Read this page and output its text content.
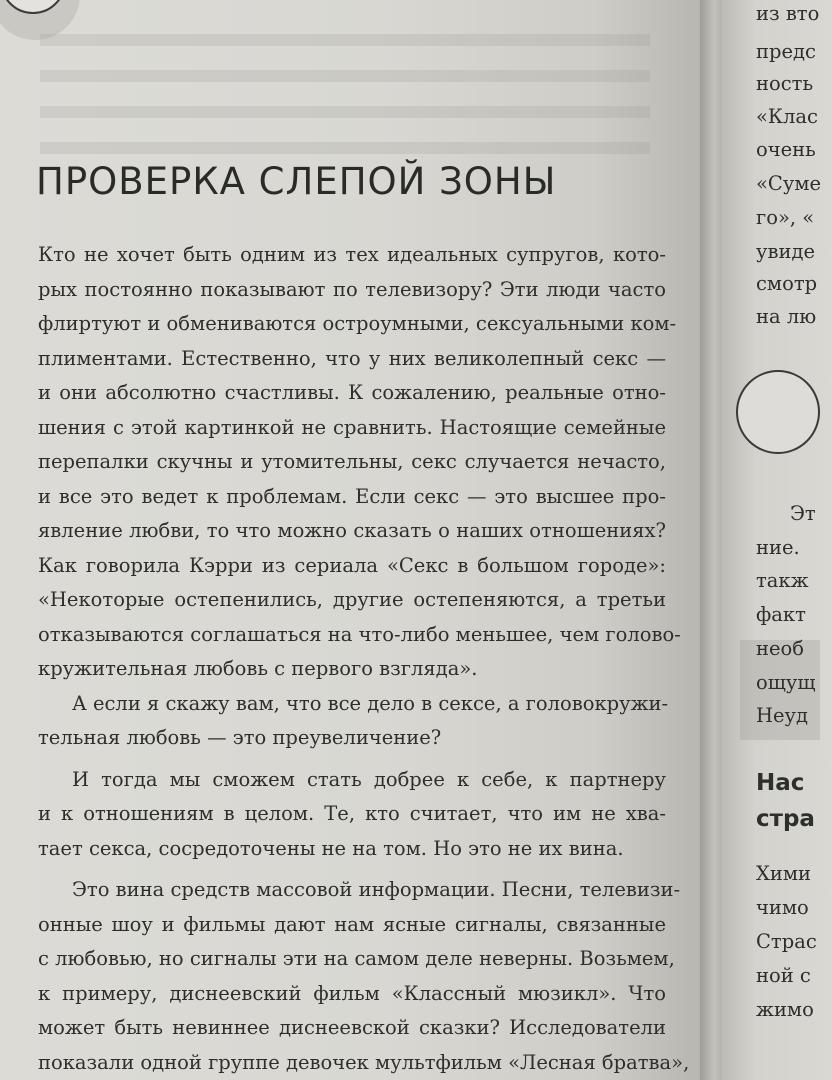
ПРОВЕРКА СЛЕПОЙ ЗОНЫ
Кто не хочет быть одним из тех идеальных супругов, кото-
рых постоянно показывают по телевизору? Эти люди часто
флиртуют и обмениваются остроумными, сексуальными ком-
плиментами. Естественно, что у них великолепный секс —
и они абсолютно счастливы. К сожалению, реальные отно-
шения с этой картинкой не сравнить. Настоящие семейные
перепалки скучны и утомительны, секс случается нечасто,
и все это ведет к проблемам. Если секс — это высшее про-
явление любви, то что можно сказать о наших отношениях?
Как говорила Кэрри из сериала «Секс в большом городе»:
«Некоторые остепенились, другие остепеняются, а третьи
отказываются соглашаться на что-либо меньшее, чем голово-
кружительная любовь с первого взгляда».
А если я скажу вам, что все дело в сексе, а головокружи-
тельная любовь — это преувеличение?
И тогда мы сможем стать добрее к себе, к партнеру
и к отношениям в целом. Те, кто считает, что им не хва-
тает секса, сосредоточены не на том. Но это не их вина.
Это вина средств массовой информации. Песни, телевизи-
онные шоу и фильмы дают нам ясные сигналы, связанные
с любовью, но сигналы эти на самом деле неверны. Возьмем,
к примеру, диснеевский фильм «Классный мюзикл». Что
может быть невиннее диснеевской сказки? Исследователи
показали одной группе девочек мультфильм «Лесная братва»,
из вто
предс
ность
«Клас
очень
«Суме
го», «
увиде
смотр
на лю
Эт
ние.
такж
факт
необ
ощущ
Неуд
Нас
стра
Хими
чимо
Страс
ной с
жимо
